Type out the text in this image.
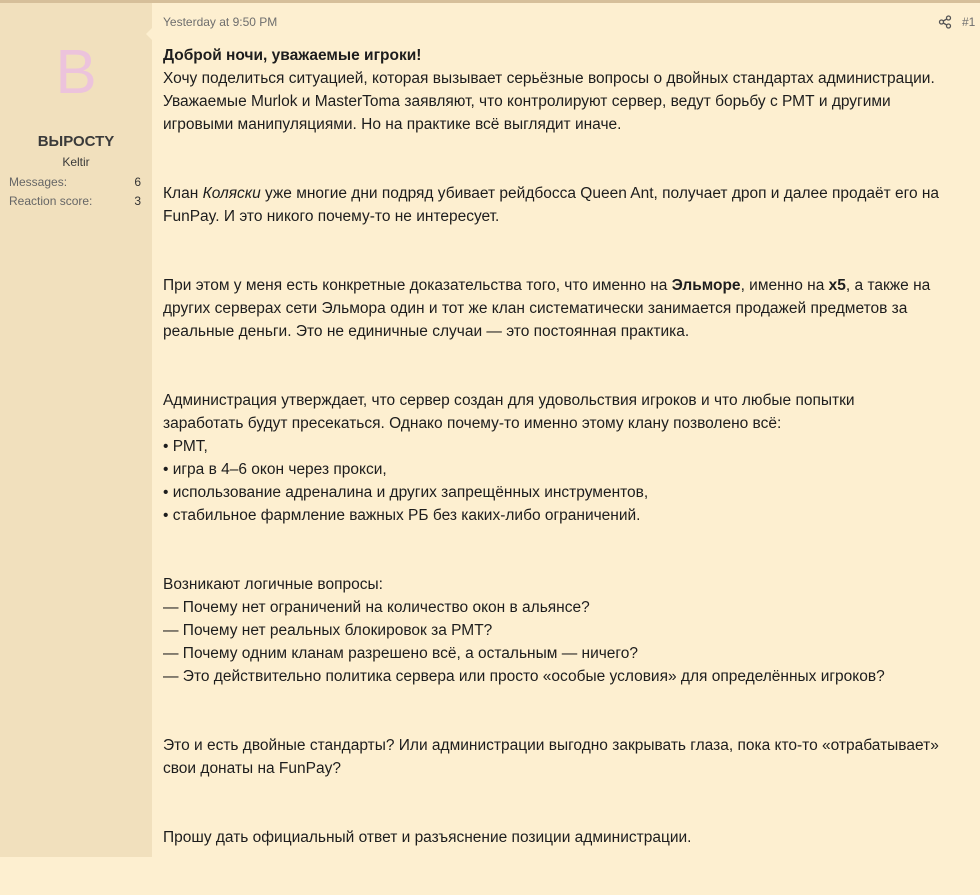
B
ВЫРОСТY
Keltir
Messages:	6
Reaction score:	3
Yesterday at 9:50 PM	#1
Доброй ночи, уважаемые игроки!
Хочу поделиться ситуацией, которая вызывает серьёзные вопросы о двойных стандартах администрации.
Уважаемые Murlok и MasterToma заявляют, что контролируют сервер, ведут борьбу с РМТ и другими
игровыми манипуляциями. Но на практике всё выглядит иначе.
Клан Коляски уже многие дни подряд убивает рейдбосса Queen Ant, получает дроп и далее продаёт его на
FunPay. И это никого почему-то не интересует.
При этом у меня есть конкретные доказательства того, что именно на Эльморе, именно на x5, а также на
других серверах сети Эльмора один и тот же клан систематически занимается продажей предметов за
реальные деньги. Это не единичные случаи — это постоянная практика.
Администрация утверждает, что сервер создан для удовольствия игроков и что любые попытки
заработать будут пресекаться. Однако почему-то именно этому клану позволено всё:
• РМТ,
• игра в 4–6 окон через прокси,
• использование адреналина и других запрещённых инструментов,
• стабильное фармление важных РБ без каких-либо ограничений.
Возникают логичные вопросы:
— Почему нет ограничений на количество окон в альянсе?
— Почему нет реальных блокировок за РМТ?
— Почему одним кланам разрешено всё, а остальным — ничего?
— Это действительно политика сервера или просто «особые условия» для определённых игроков?
Это и есть двойные стандарты? Или администрации выгодно закрывать глаза, пока кто-то «отрабатывает»
свои донаты на FunPay?
Прошу дать официальный ответ и разъяснение позиции администрации.
